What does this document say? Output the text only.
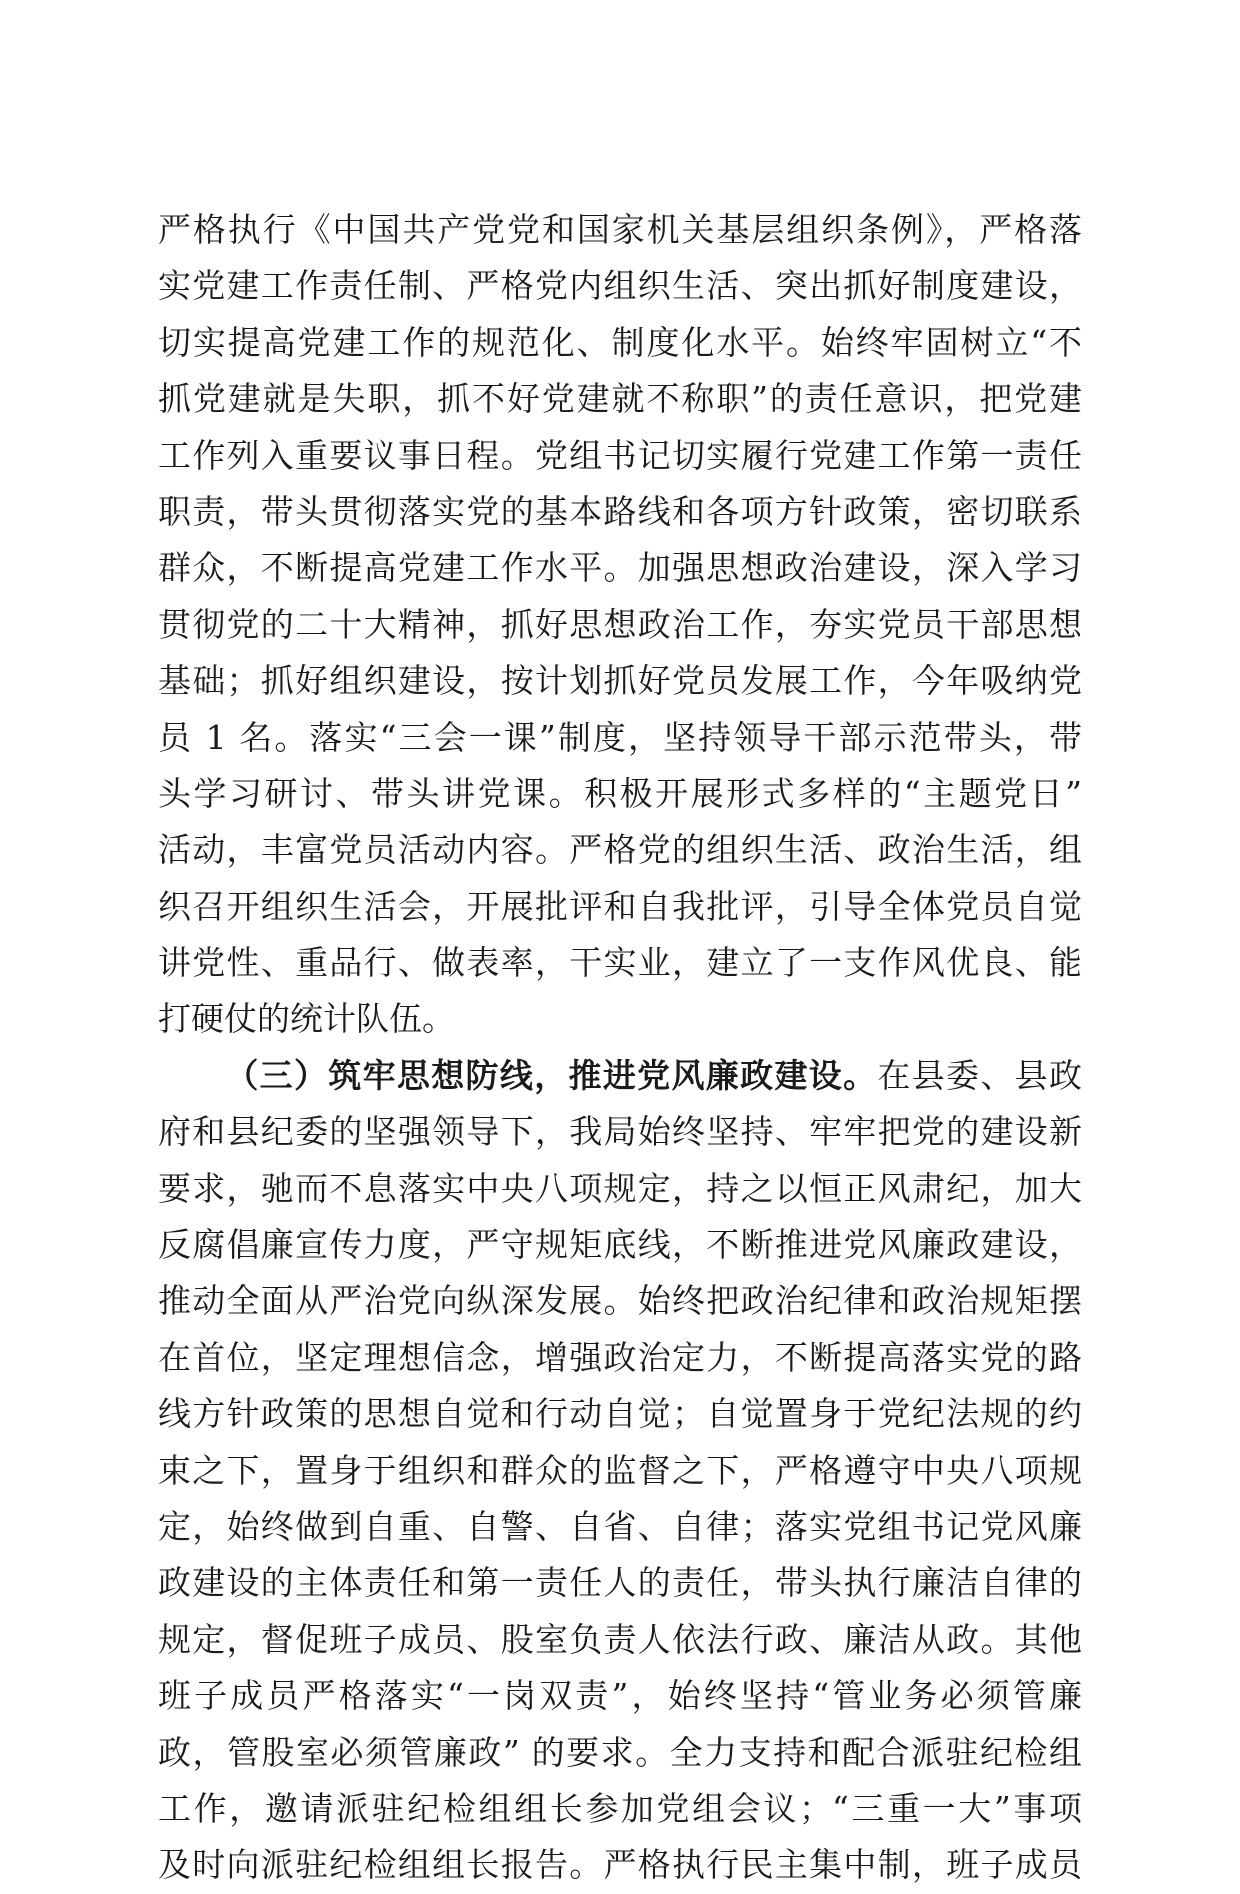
严格执行《中国共产党党和国家机关基层组织条例》，严格落
实党建工作责任制、严格党内组织生活、突出抓好制度建设，
切实提高党建工作的规范化、制度化水平。始终牢固树立“不
抓党建就是失职，抓不好党建就不称职”的责任意识，把党建
工作列入重要议事日程。党组书记切实履行党建工作第一责任
职责，带头贯彻落实党的基本路线和各项方针政策，密切联系
群众，不断提高党建工作水平。加强思想政治建设，深入学习
贯彻党的二十大精神，抓好思想政治工作，夯实党员干部思想
基础；抓好组织建设，按计划抓好党员发展工作，今年吸纳党
员 1 名。落实“三会一课”制度，坚持领导干部示范带头，带
头学习研讨、带头讲党课。积极开展形式多样的“主题党日”
活动，丰富党员活动内容。严格党的组织生活、政治生活，组
织召开组织生活会，开展批评和自我批评，引导全体党员自觉
讲党性、重品行、做表率，干实业，建立了一支作风优良、能
打硬仗的统计队伍。
（三）筑牢思想防线，推进党风廉政建设。在县委、县政
府和县纪委的坚强领导下，我局始终坚持、牢牢把党的建设新
要求，驰而不息落实中央八项规定，持之以恒正风肃纪，加大
反腐倡廉宣传力度，严守规矩底线，不断推进党风廉政建设，
推动全面从严治党向纵深发展。始终把政治纪律和政治规矩摆
在首位，坚定理想信念，增强政治定力，不断提高落实党的路
线方针政策的思想自觉和行动自觉；自觉置身于党纪法规的约
束之下，置身于组织和群众的监督之下，严格遵守中央八项规
定，始终做到自重、自警、自省、自律；落实党组书记党风廉
政建设的主体责任和第一责任人的责任，带头执行廉洁自律的
规定，督促班子成员、股室负责人依法行政、廉洁从政。其他
班子成员严格落实“一岗双责”，始终坚持“管业务必须管廉
政，管股室必须管廉政” 的要求。全力支持和配合派驻纪检组
工作，邀请派驻纪检组组长参加党组会议；“三重一大”事项
及时向派驻纪检组组长报告。严格执行民主集中制，班子成员
